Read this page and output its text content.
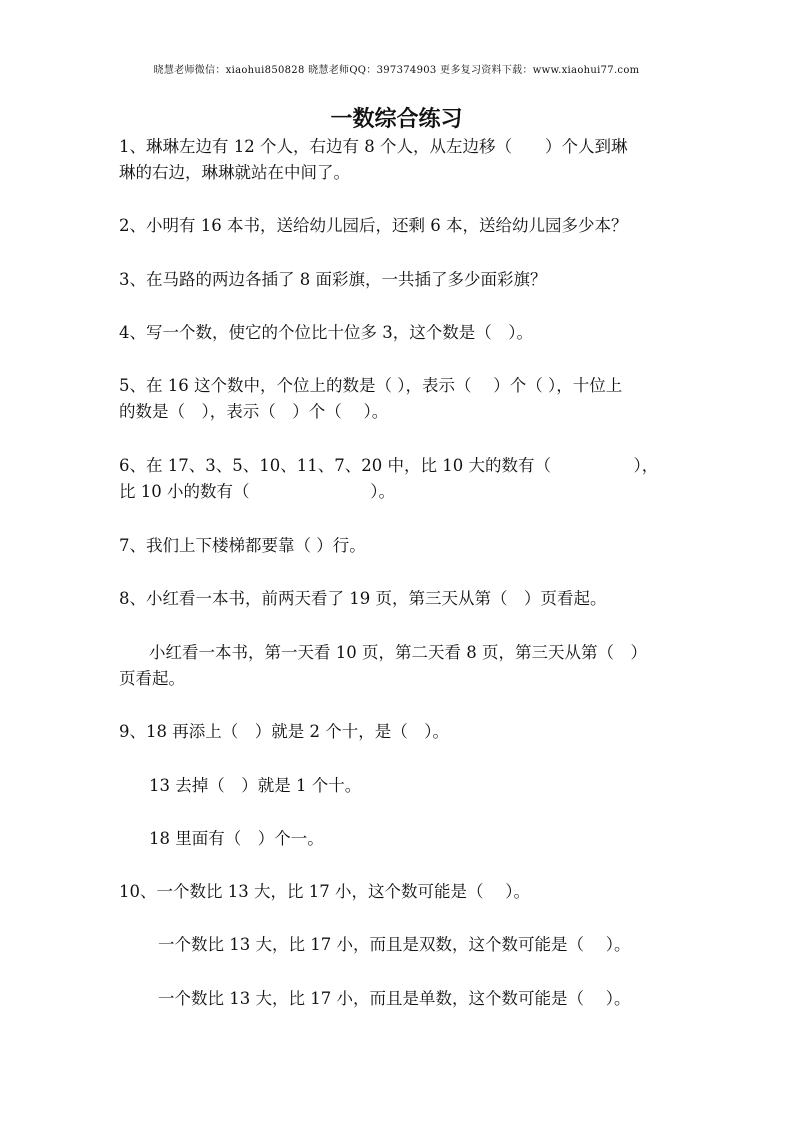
晓慧老师微信：xiaohui850828 晓慧老师QQ：397374903 更多复习资料下载：www.xiaohui77.com
一数综合练习
1、琳琳左边有 12 个人，右边有 8 个人，从左边移（　　）个人到琳
琳的右边，琳琳就站在中间了。
2、小明有 16 本书，送给幼儿园后，还剩 6 本，送给幼儿园多少本？
3、在马路的两边各插了 8 面彩旗，一共插了多少面彩旗？
4、写一个数，使它的个位比十位多 3，这个数是（　）。
5、在 16 这个数中，个位上的数是（ ），表示（　 ）个（ ），十位上
的数是（　），表示（　）个（　 ）。
6、在 17、3、5、10、11、7、20 中，比 10 大的数有（　　　　　），
比 10 小的数有（　　　　　　　 ）。
7、我们上下楼梯都要靠（ ）行。
8、小红看一本书，前两天看了 19 页，第三天从第（　）页看起。
小红看一本书，第一天看 10 页，第二天看 8 页，第三天从第（　）
页看起。
9、18 再添上（　）就是 2 个十，是（　）。
13 去掉（　）就是 1 个十。
18 里面有（　）个一。
10、一个数比 13 大，比 17 小，这个数可能是（　 ）。
一个数比 13 大，比 17 小，而且是双数，这个数可能是（　 ）。
一个数比 13 大，比 17 小，而且是单数，这个数可能是（　 ）。
